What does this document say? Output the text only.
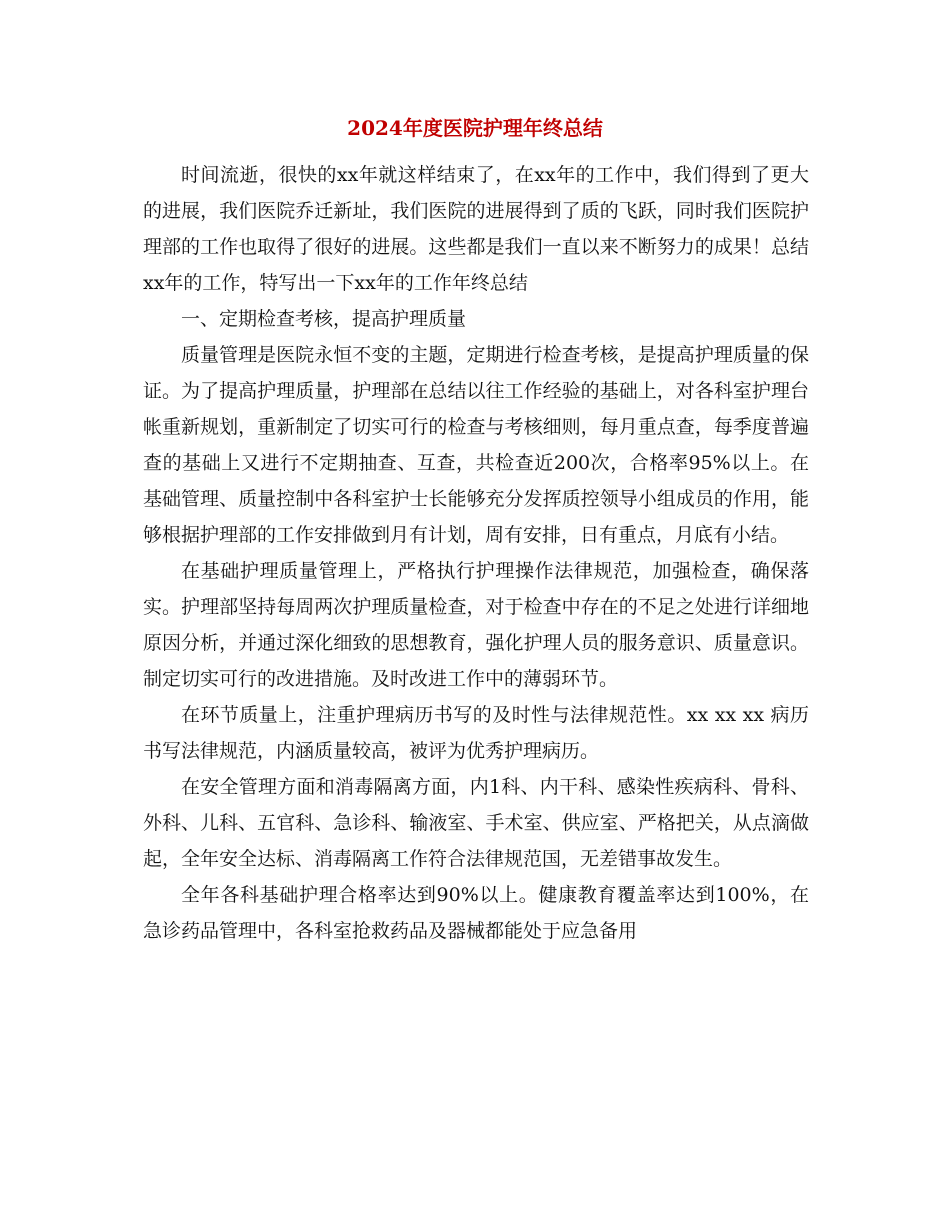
2024年度医院护理年终总结

时间流逝，很快的xx年就这样结束了，在xx年的工作中，我们得到了更大的进展，我们医院乔迁新址，我们医院的进展得到了质的飞跃，同时我们医院护理部的工作也取得了很好的进展。这些都是我们一直以来不断努力的成果！总结xx年的工作，特写出一下xx年的工作年终总结

一、定期检查考核，提高护理质量

质量管理是医院永恒不变的主题，定期进行检查考核，是提高护理质量的保证。为了提高护理质量，护理部在总结以往工作经验的基础上，对各科室护理台帐重新规划，重新制定了切实可行的检查与考核细则，每月重点查，每季度普遍查的基础上又进行不定期抽查、互查，共检查近200次，合格率95%以上。在基础管理、质量控制中各科室护士长能够充分发挥质控领导小组成员的作用，能够根据护理部的工作安排做到月有计划，周有安排，日有重点，月底有小结。

在基础护理质量管理上，严格执行护理操作法律规范，加强检查，确保落实。护理部坚持每周两次护理质量检查，对于检查中存在的不足之处进行详细地原因分析，并通过深化细致的思想教育，强化护理人员的服务意识、质量意识。制定切实可行的改进措施。及时改进工作中的薄弱环节。

在环节质量上，注重护理病历书写的及时性与法律规范性。xx xx xx 病历书写法律规范，内涵质量较高，被评为优秀护理病历。

在安全管理方面和消毒隔离方面，内1科、内干科、感染性疾病科、骨科、外科、儿科、五官科、急诊科、输液室、手术室、供应室、严格把关，从点滴做起，全年安全达标、消毒隔离工作符合法律规范国，无差错事故发生。

全年各科基础护理合格率达到90%以上。健康教育覆盖率达到100%，在急诊药品管理中，各科室抢救药品及器械都能处于应急备用
